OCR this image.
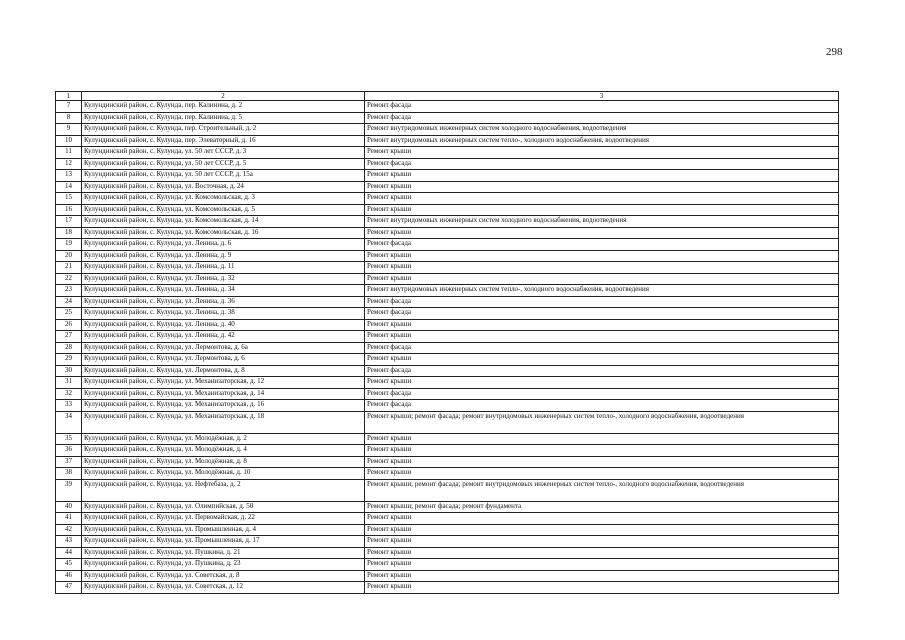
298
1	2	3
7	Кулундинский район, с. Кулунда, пер. Калинина, д. 2	Ремонт фасада
8	Кулундинский район, с. Кулунда, пер. Калинина, д. 5	Ремонт фасада
9	Кулундинский район, с. Кулунда, пер. Строительный, д. 2	Ремонт внутридомовых инженерных систем холодного водоснабжения, водоотведения
10	Кулундинский район, с. Кулунда, пер. Элеваторный, д. 16	Ремонт внутридомовых инженерных систем тепло-, холодного водоснабжения, водоотведения
11	Кулундинский район, с. Кулунда, ул. 50 лет СССР, д. 3	Ремонт крыши
12	Кулундинский район, с. Кулунда, ул. 50 лет СССР, д. 5	Ремонт фасада
13	Кулундинский район, с. Кулунда, ул. 50 лет СССР, д. 15а	Ремонт крыши
14	Кулундинский район, с. Кулунда, ул. Восточная, д. 24	Ремонт крыши
15	Кулундинский район, с. Кулунда, ул. Комсомольская, д. 3	Ремонт крыши
16	Кулундинский район, с. Кулунда, ул. Комсомольская, д. 5	Ремонт крыши
17	Кулундинский район, с. Кулунда, ул. Комсомольская, д. 14	Ремонт внутридомовых инженерных систем холодного водоснабжения, водоотведения
18	Кулундинский район, с. Кулунда, ул. Комсомольская, д. 16	Ремонт крыши
19	Кулундинский район, с. Кулунда, ул. Ленина, д. 6	Ремонт фасада
20	Кулундинский район, с. Кулунда, ул. Ленина, д. 9	Ремонт крыши
21	Кулундинский район, с. Кулунда, ул. Ленина, д. 11	Ремонт крыши
22	Кулундинский район, с. Кулунда, ул. Ленина, д. 32	Ремонт крыши
23	Кулундинский район, с. Кулунда, ул. Ленина, д. 34	Ремонт внутридомовых инженерных систем тепло-, холодного водоснабжения, водоотведения
24	Кулундинский район, с. Кулунда, ул. Ленина, д. 36	Ремонт фасада
25	Кулундинский район, с. Кулунда, ул. Ленина, д. 38	Ремонт фасада
26	Кулундинский район, с. Кулунда, ул. Ленина, д. 40	Ремонт крыши
27	Кулундинский район, с. Кулунда, ул. Ленина, д. 42	Ремонт крыши
28	Кулундинский район, с. Кулунда, ул. Лермонтова, д. 6а	Ремонт фасада
29	Кулундинский район, с. Кулунда, ул. Лермонтова, д. 6	Ремонт крыши
30	Кулундинский район, с. Кулунда, ул. Лермонтова, д. 8	Ремонт фасада
31	Кулундинский район, с. Кулунда, ул. Механизаторская, д. 12	Ремонт крыши
32	Кулундинский район, с. Кулунда, ул. Механизаторская, д. 14	Ремонт фасада
33	Кулундинский район, с. Кулунда, ул. Механизаторская, д. 16	Ремонт фасада
34	Кулундинский район, с. Кулунда, ул. Механизаторская, д. 18	Ремонт крыши; ремонт фасада; ремонт внутридомовых инженерных систем тепло-, холодного водоснабжения, водоотведения
35	Кулундинский район, с. Кулунда, ул. Молодёжная, д. 2	Ремонт крыши
36	Кулундинский район, с. Кулунда, ул. Молодёжная, д. 4	Ремонт крыши
37	Кулундинский район, с. Кулунда, ул. Молодёжная, д. 8	Ремонт крыши
38	Кулундинский район, с. Кулунда, ул. Молодёжная, д. 10	Ремонт крыши
39	Кулундинский район, с. Кулунда, ул. Нефтебаза, д. 2	Ремонт крыши; ремонт фасада; ремонт внутридомовых инженерных систем тепло-, холодного водоснабжения, водоотведения
40	Кулундинский район, с. Кулунда, ул. Олимпийская, д. 50	Ремонт крыши; ремонт фасада; ремонт фундамента
41	Кулундинский район, с. Кулунда, ул. Первомайская, д. 22	Ремонт крыши
42	Кулундинский район, с. Кулунда, ул. Промышленная, д. 4	Ремонт крыши
43	Кулундинский район, с. Кулунда, ул. Промышленная, д. 17	Ремонт крыши
44	Кулундинский район, с. Кулунда, ул. Пушкина, д. 21	Ремонт крыши
45	Кулундинский район, с. Кулунда, ул. Пушкина, д. 23	Ремонт крыши
46	Кулундинский район, с. Кулунда, ул. Советская, д. 8	Ремонт крыши
47	Кулундинский район, с. Кулунда, ул. Советская, д. 12	Ремонт крыши
